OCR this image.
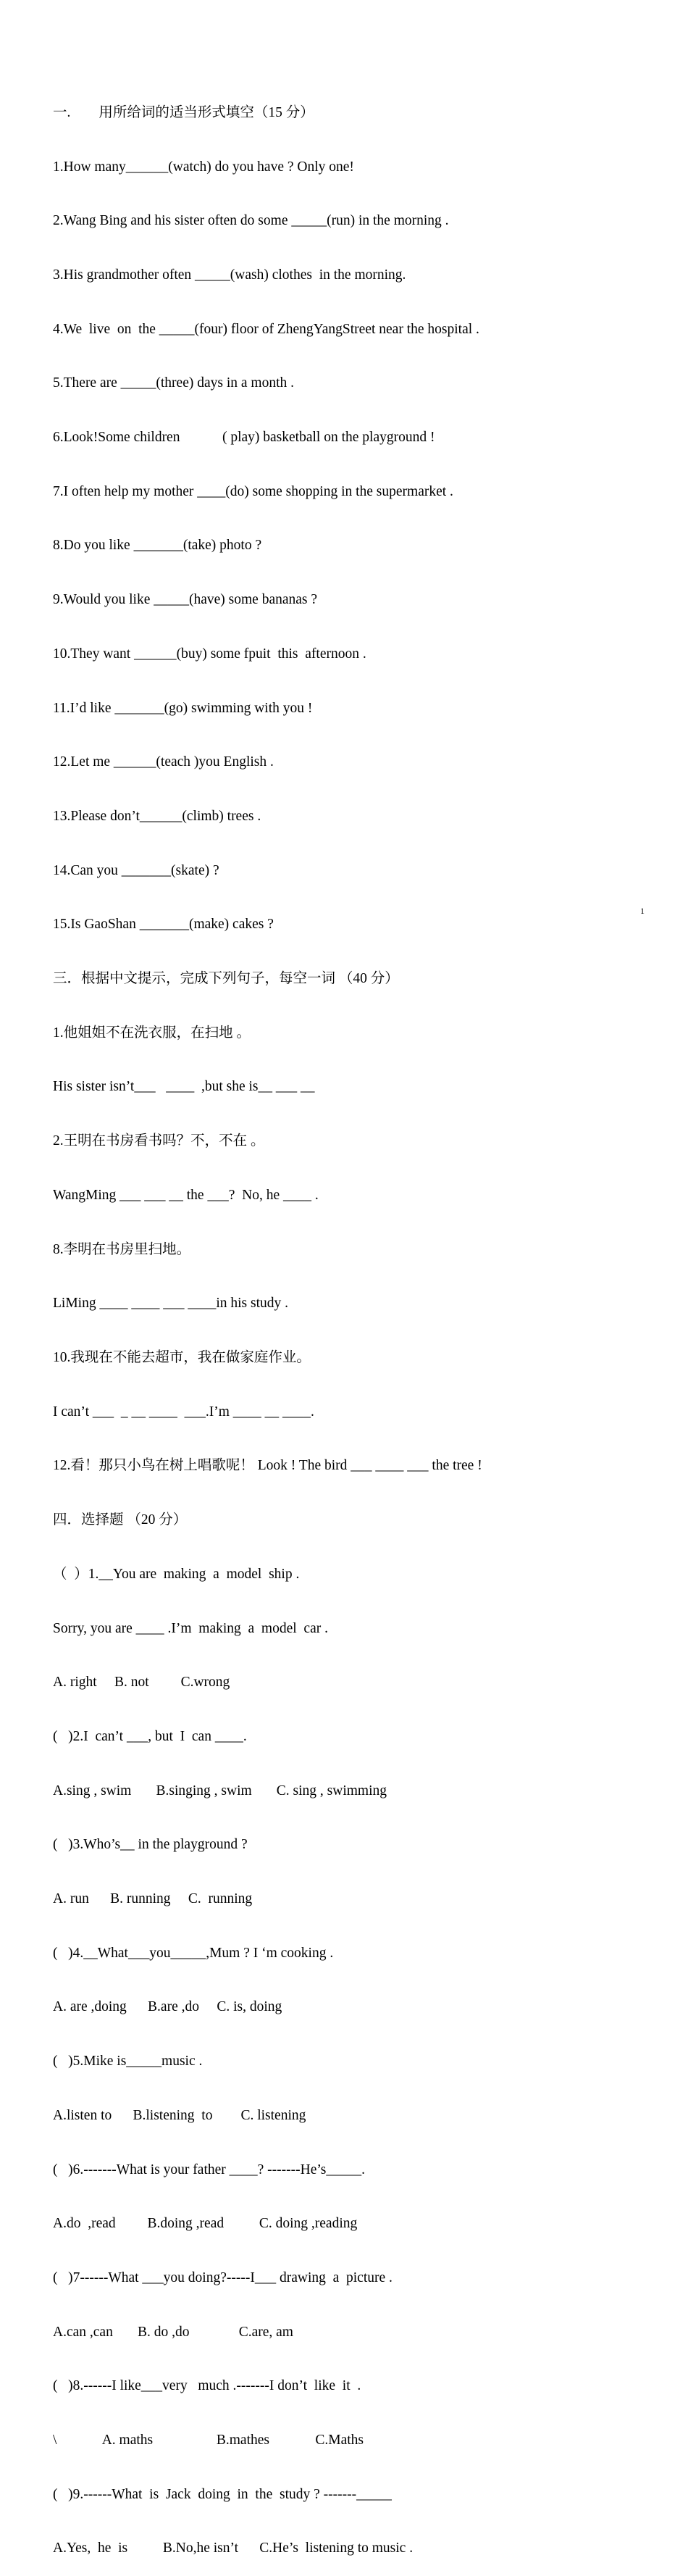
一.        用所给词的适当形式填空（15 分）

1.How many______(watch) do you have ? Only one!

2.Wang Bing and his sister often do some _____(run) in the morning .

3.His grandmother often _____(wash) clothes  in the morning.

4.We  live  on  the _____(four) floor of ZhengYangStreet near the hospital .

5.There are _____(three) days in a month .

6.Look!Some children            ( play) basketball on the playground !

7.I often help my mother ____(do) some shopping in the supermarket .

8.Do you like _______(take) photo ?

9.Would you like _____(have) some bananas ?

10.They want ______(buy) some fpuit  this  afternoon .

11.I’d like _______(go) swimming with you !

12.Let me ______(teach )you English .

13.Please don’t______(climb) trees .

14.Can you _______(skate) ?

15.Is GaoShan _______(make) cakes ?

三．根据中文提示，完成下列句子，每空一词 （40 分）

1.他姐姐不在洗衣服，在扫地 。

His sister isn’t___   ____  ,but she is__ ___ __

2.王明在书房看书吗？不，不在 。

WangMing ___ ___ __ the ___?  No, he ____ .

8.李明在书房里扫地。

LiMing ____ ____ ___ ____in his study .

10.我现在不能去超市，我在做家庭作业。

I can’t ___  _ __ ____  ___.I’m ____ __ ____.

12.看！那只小鸟在树上唱歌呢！ Look ! The bird ___ ____ ___ the tree !

四．选择题 （20 分）

（  ）1.__You are  making  a  model  ship .

Sorry, you are ____ .I’m  making  a  model  car .

A. right     B. not         C.wrong

(   )2.I  can’t ___, but  I  can ____.

A.sing , swim       B.singing , swim       C. sing , swimming

(   )3.Who’s__ in the playground ?

A. run      B. running     C.  running

(   )4.__What___you_____,Mum ? I ‘m cooking .

A. are ,doing      B.are ,do     C. is, doing

(   )5.Mike is_____music .

A.listen to      B.listening  to        C. listening

(   )6.-------What is your father ____? -------He’s_____.

A.do  ,read         B.doing ,read          C. doing ,reading

(   )7------What ___you doing?-----I___ drawing  a  picture .

A.can ,can       B. do ,do              C.are, am

(   )8.------I like___very   much .-------I don’t  like  it  .

\             A. maths                  B.mathes             C.Maths

(   )9.------What  is  Jack  doing  in  the  study ? -------_____

A.Yes,  he  is          B.No,he isn’t      C.He’s  listening to music .

1
